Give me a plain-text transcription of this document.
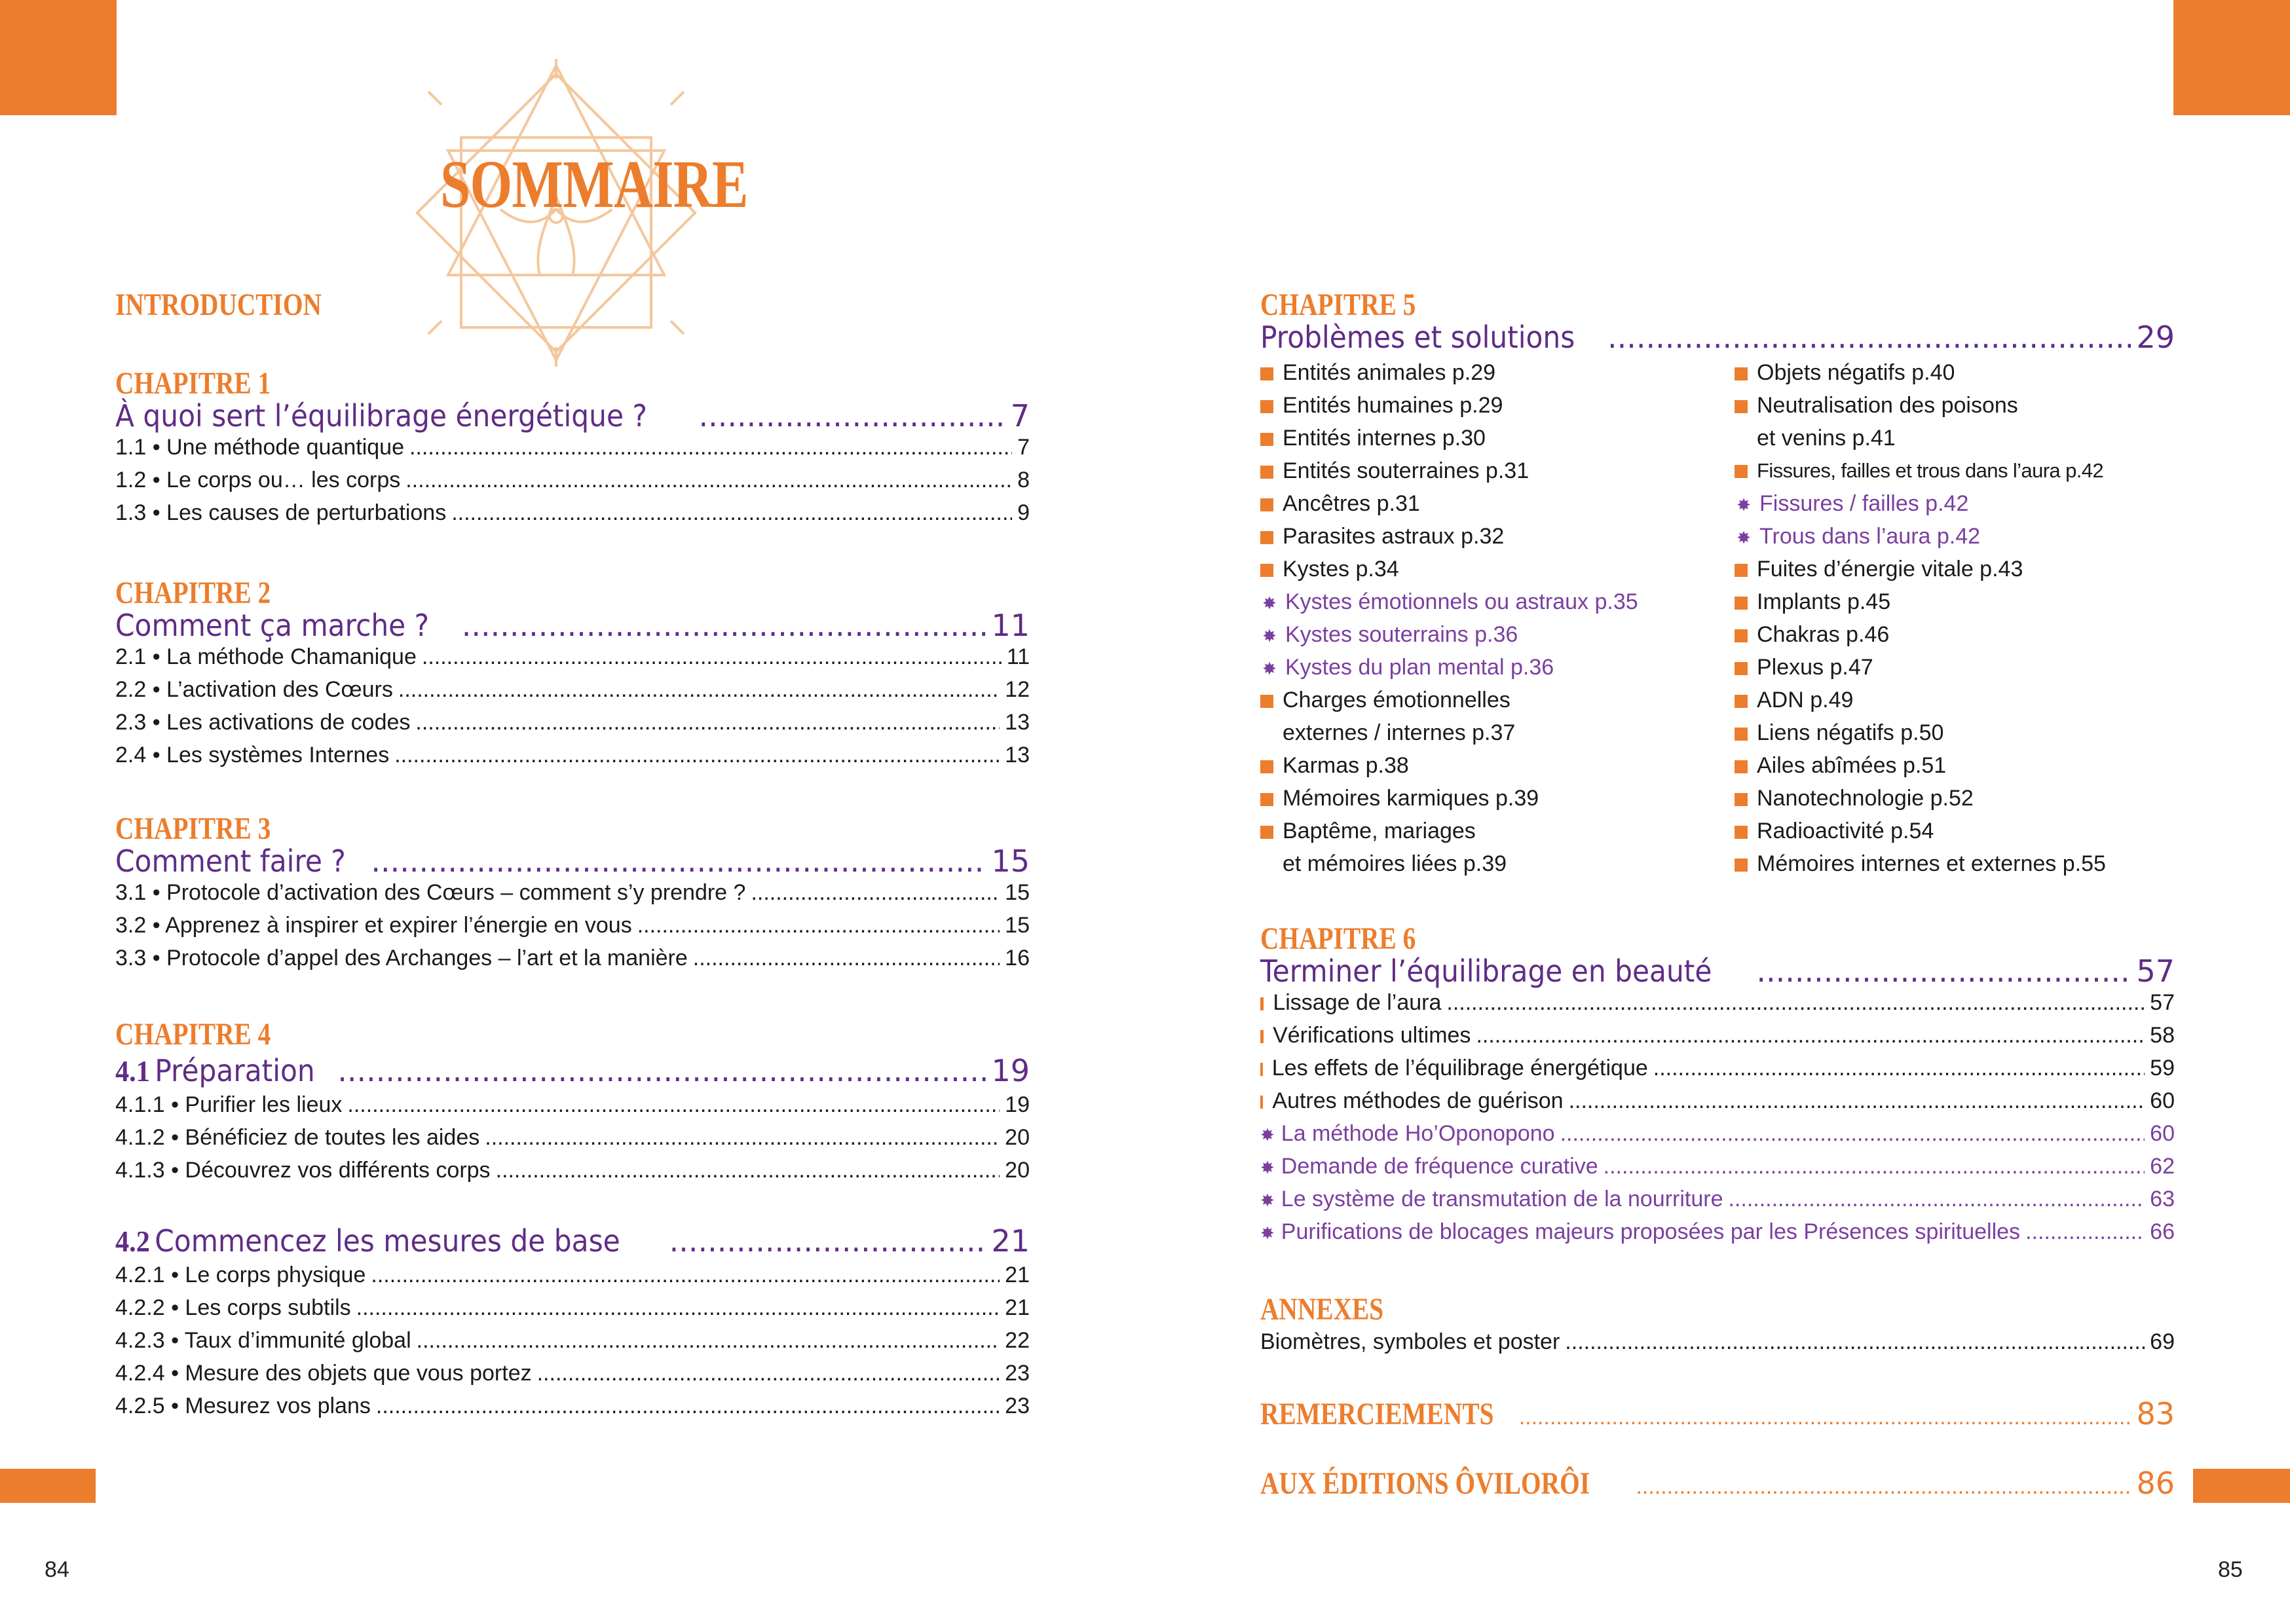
SOMMAIRE
INTRODUCTION
CHAPITRE 1
À quoi sert l’équilibrage énergétique ? .....	7
1.1 • Une méthode quantique .....	7
1.2 • Le corps ou… les corps .....	8
1.3 • Les causes de perturbations .....	9
CHAPITRE 2
Comment ça marche ? .....	11
2.1 • La méthode Chamanique .....	11
2.2 • L’activation des Cœurs .....	12
2.3 • Les activations de codes .....	13
2.4 • Les systèmes Internes .....	13
CHAPITRE 3
Comment faire ? .....	15
3.1 • Protocole d’activation des Cœurs – comment s’y prendre ? .....	15
3.2 • Apprenez à inspirer et expirer l’énergie en vous .....	15
3.3 • Protocole d’appel des Archanges – l’art et la manière .....	16
CHAPITRE 4
4.1 Préparation .....	19
4.1.1 • Purifier les lieux .....	19
4.1.2 • Bénéficiez de toutes les aides .....	20
4.1.3 • Découvrez vos différents corps .....	20
4.2 Commencez les mesures de base .....	21
4.2.1 • Le corps physique .....	21
4.2.2 • Les corps subtils .....	21
4.2.3 • Taux d’immunité global .....	22
4.2.4 • Mesure des objets que vous portez .....	23
4.2.5 • Mesurez vos plans .....	23
84
CHAPITRE 5
Problèmes et solutions .....	29
Entités animales p.29
Entités humaines p.29
Entités internes p.30
Entités souterraines p.31
Ancêtres p.31
Parasites astraux p.32
Kystes p.34
✸ Kystes émotionnels ou astraux p.35
✸ Kystes souterrains p.36
✸ Kystes du plan mental p.36
Charges émotionnelles
externes / internes p.37
Karmas p.38
Mémoires karmiques p.39
Baptême, mariages
et mémoires liées p.39
Objets négatifs p.40
Neutralisation des poisons
et venins p.41
Fissures, failles et trous dans l’aura p.42
✸ Fissures / failles p.42
✸ Trous dans l’aura p.42
Fuites d’énergie vitale p.43
Implants p.45
Chakras p.46
Plexus p.47
ADN p.49
Liens négatifs p.50
Ailes abîmées p.51
Nanotechnologie p.52
Radioactivité p.54
Mémoires internes et externes p.55
CHAPITRE 6
Terminer l’équilibrage en beauté .....	57
Lissage de l’aura .....	57
Vérifications ultimes .....	58
Les effets de l’équilibrage énergétique .....	59
Autres méthodes de guérison .....	60
✸ La méthode Ho’Oponopono .....	60
✸ Demande de fréquence curative .....	62
✸ Le système de transmutation de la nourriture .....	63
✸ Purifications de blocages majeurs proposées par les Présences spirituelles .....	66
ANNEXES
Biomètres, symboles et poster .....	69
REMERCIEMENTS .....	83
AUX ÉDITIONS ÔVILORÔI .....	86
85
